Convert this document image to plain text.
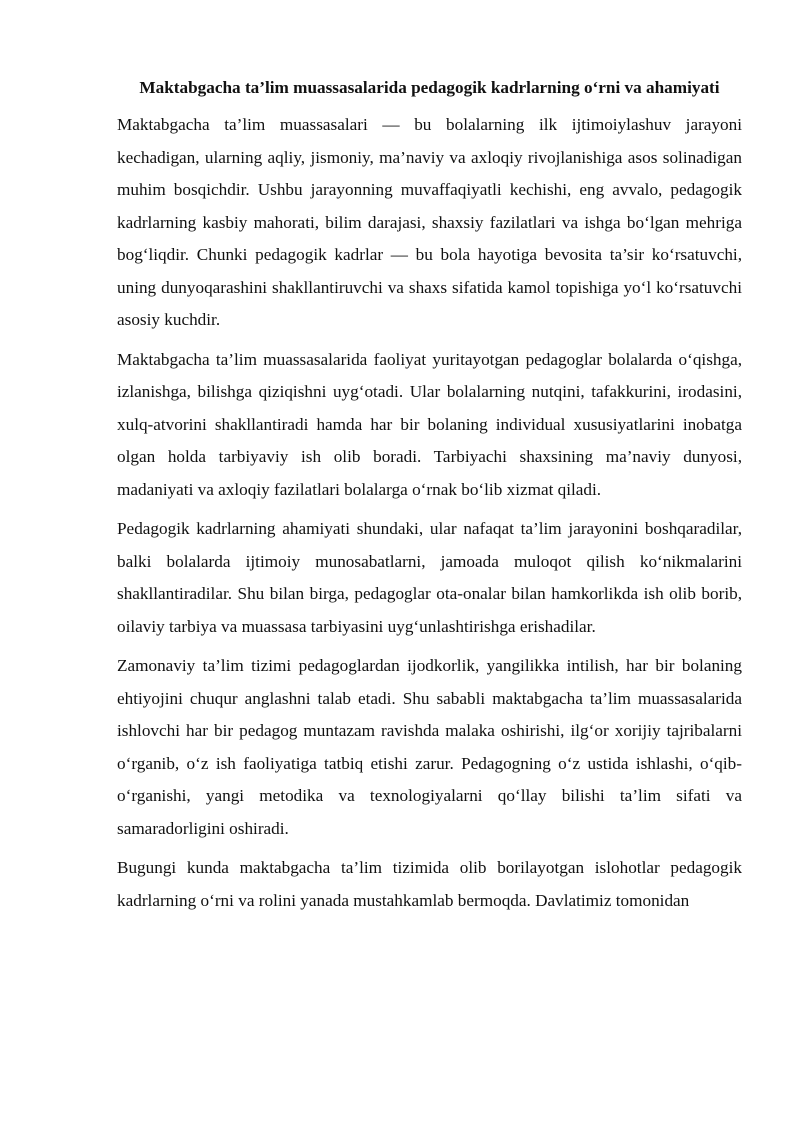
Maktabgacha ta’lim muassasalarida pedagogik kadrlarning o‘rni va ahamiyati

Maktabgacha ta’lim muassasalari — bu bolalarning ilk ijtimoiylashuv jarayoni kechadigan, ularning aqliy, jismoniy, ma’naviy va axloqiy rivojlanishiga asos solinadigan muhim bosqichdir. Ushbu jarayonning muvaffaqiyatli kechishi, eng avvalo, pedagogik kadrlarning kasbiy mahorati, bilim darajasi, shaxsiy fazilatlari va ishga bo‘lgan mehriga bog‘liqdir. Chunki pedagogik kadrlar — bu bola hayotiga bevosita ta’sir ko‘rsatuvchi, uning dunyoqarashini shakllantiruvchi va shaxs sifatida kamol topishiga yo‘l ko‘rsatuvchi asosiy kuchdir.

Maktabgacha ta’lim muassasalarida faoliyat yuritayotgan pedagoglar bolalarda o‘qishga, izlanishga, bilishga qiziqishni uyg‘otadi. Ular bolalarning nutqini, tafakkurini, irodasini, xulq-atvorini shakllantiradi hamda har bir bolaning individual xususiyatlarini inobatga olgan holda tarbiyaviy ish olib boradi. Tarbiyachi shaxsining ma’naviy dunyosi, madaniyati va axloqiy fazilatlari bolalarga o‘rnak bo‘lib xizmat qiladi.

Pedagogik kadrlarning ahamiyati shundaki, ular nafaqat ta’lim jarayonini boshqaradilar, balki bolalarda ijtimoiy munosabatlarni, jamoada muloqot qilish ko‘nikmalarini shakllantiradilar. Shu bilan birga, pedagoglar ota-onalar bilan hamkorlikda ish olib borib, oilaviy tarbiya va muassasa tarbiyasini uyg‘unlashtirishga erishadilar.

Zamonaviy ta’lim tizimi pedagoglardan ijodkorlik, yangilikka intilish, har bir bolaning ehtiyojini chuqur anglashni talab etadi. Shu sababli maktabgacha ta’lim muassasalarida ishlovchi har bir pedagog muntazam ravishda malaka oshirishi, ilg‘or xorijiy tajribalarni o‘rganib, o‘z ish faoliyatiga tatbiq etishi zarur. Pedagogning o‘z ustida ishlashi, o‘qib-o‘rganishi, yangi metodika va texnologiyalarni qo‘llay bilishi ta’lim sifati va samaradorligini oshiradi.

Bugungi kunda maktabgacha ta’lim tizimida olib borilayotgan islohotlar pedagogik kadrlarning o‘rni va rolini yanada mustahkamlab bermoqda. Davlatimiz tomonidan
